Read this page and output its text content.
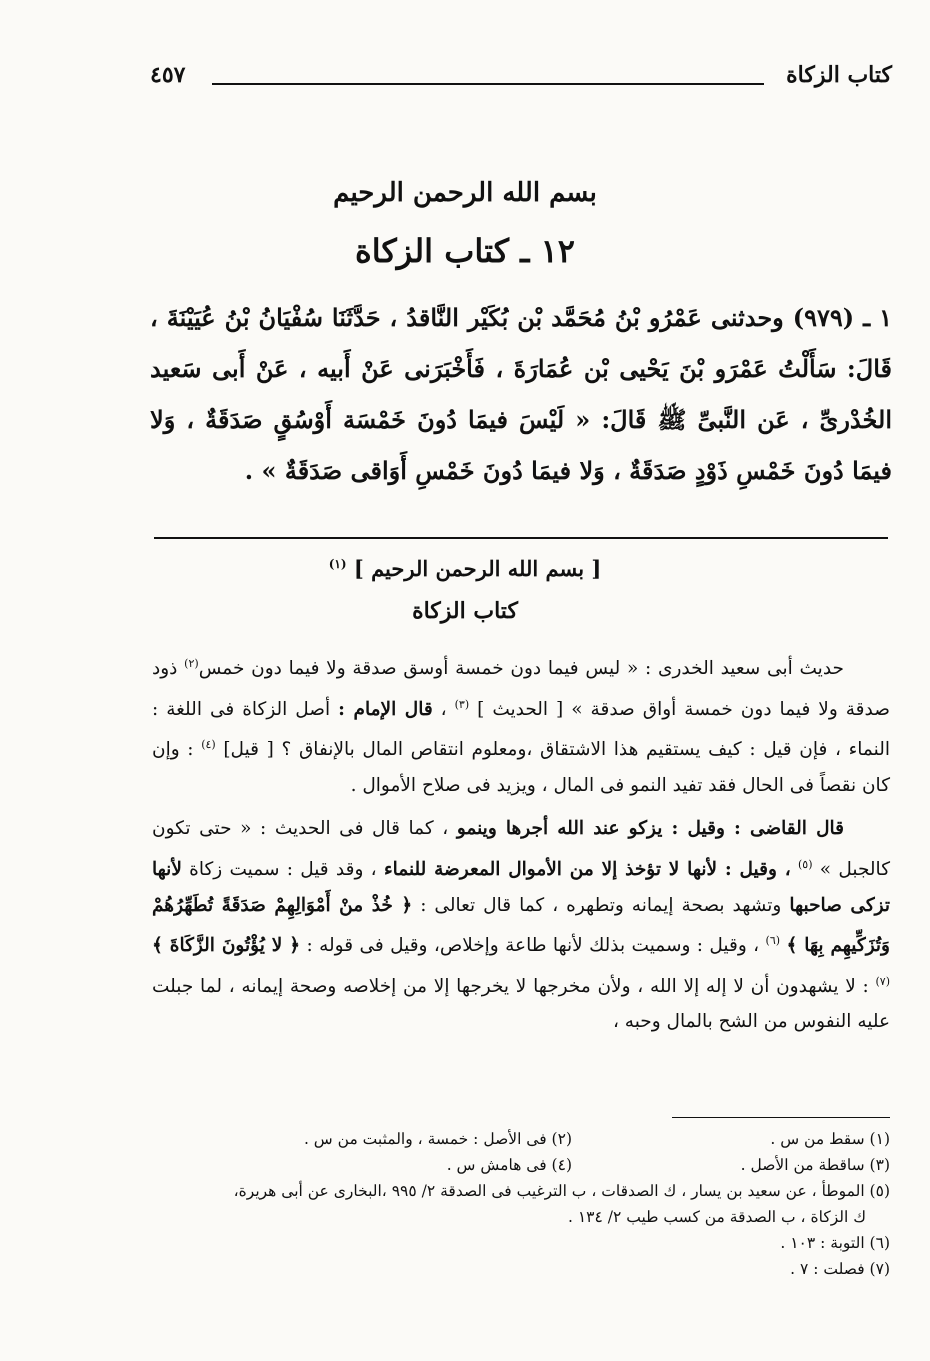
كتاب الزكاة
٤٥٧
بسم الله الرحمن الرحيم
١٢ ـ كتاب الزكاة
١ ـ (٩٧٩) وحدثنى عَمْرُو بْنُ مُحَمَّد بْن بُكَيْر النَّاقدُ ، حَدَّثَنَا سُفْيَانُ بْنُ عُيَيْنَةَ ، قَالَ: سَأَلْتُ عَمْرَو بْنَ يَحْيى بْن عُمَارَةَ ، فَأَخْبَرَنى عَنْ أَبيه ، عَنْ أَبى سَعيد الخُدْرىِّ ، عَن النَّبىِّ ﷺ قَالَ: « لَيْسَ فيمَا دُونَ خَمْسَة أَوْسُقٍ صَدَقَةٌ ، وَلا فيمَا دُونَ خَمْسِ ذَوْدٍ صَدَقَةٌ ، وَلا فيمَا دُونَ خَمْسِ أَوَاقى صَدَقَةٌ » .
[ بسم الله الرحمن الرحيم ] $^{(١)}$
كتاب الزكاة

حديث أبى سعيد الخدرى : « ليس فيما دون خمسة أوسق صدقة ولا فيما دون خمس$^{(٢)}$ ذود صدقة ولا فيما دون خمسة أواق صدقة » [ الحديث ] $^{(٣)}$ ، قال الإمام : أصل الزكاة فى اللغة : النماء ، فإن قيل : كيف يستقيم هذا الاشتقاق ،ومعلوم انتقاص المال بالإنفاق ؟ [ قيل] $^{(٤)}$ : وإن كان نقصاً فى الحال فقد تفيد النمو فى المال ، ويزيد فى صلاح الأموال .

قال القاضى : وقيل : يزكو عند الله أجرها وينمو ، كما قال فى الحديث : « حتى تكون كالجبل » $^{(٥)}$ ، وقيل : لأنها لا تؤخذ إلا من الأموال المعرضة للنماء ، وقد قيل : سميت زكاة لأنها تزكى صاحبها وتشهد بصحة إيمانه وتطهره ، كما قال تعالى : ﴿ خُذْ منْ أَمْوَالِهِمْ صَدَقَةً تُطَهِّرُهُمْ وَتُزَكِّيهِم بِهَا ﴾ $^{(٦)}$ ، وقيل : وسميت بذلك لأنها طاعة وإخلاص، وقيل فى قوله : ﴿ لا يُؤْتُونَ الزَّكَاةَ ﴾ $^{(٧)}$ : لا يشهدون أن لا إله إلا الله ، ولأن مخرجها لا يخرجها إلا من إخلاصه وصحة إيمانه ، لما جبلت عليه النفوس من الشح بالمال وحبه ،

(١) سقط من س .
(٢) فى الأصل : خمسة ، والمثبت من س .
(٣) ساقطة من الأصل .
(٤) فى هامش س .
(٥) الموطأ ، عن سعيد بن يسار ، ك الصدقات ، ب الترغيب فى الصدقة ٢/ ٩٩٥ ،البخارى عن أبى هريرة،
ك الزكاة ، ب الصدقة من كسب طيب ٢/ ١٣٤ .
(٦) التوبة : ١٠٣ .
(٧) فصلت : ٧ .
